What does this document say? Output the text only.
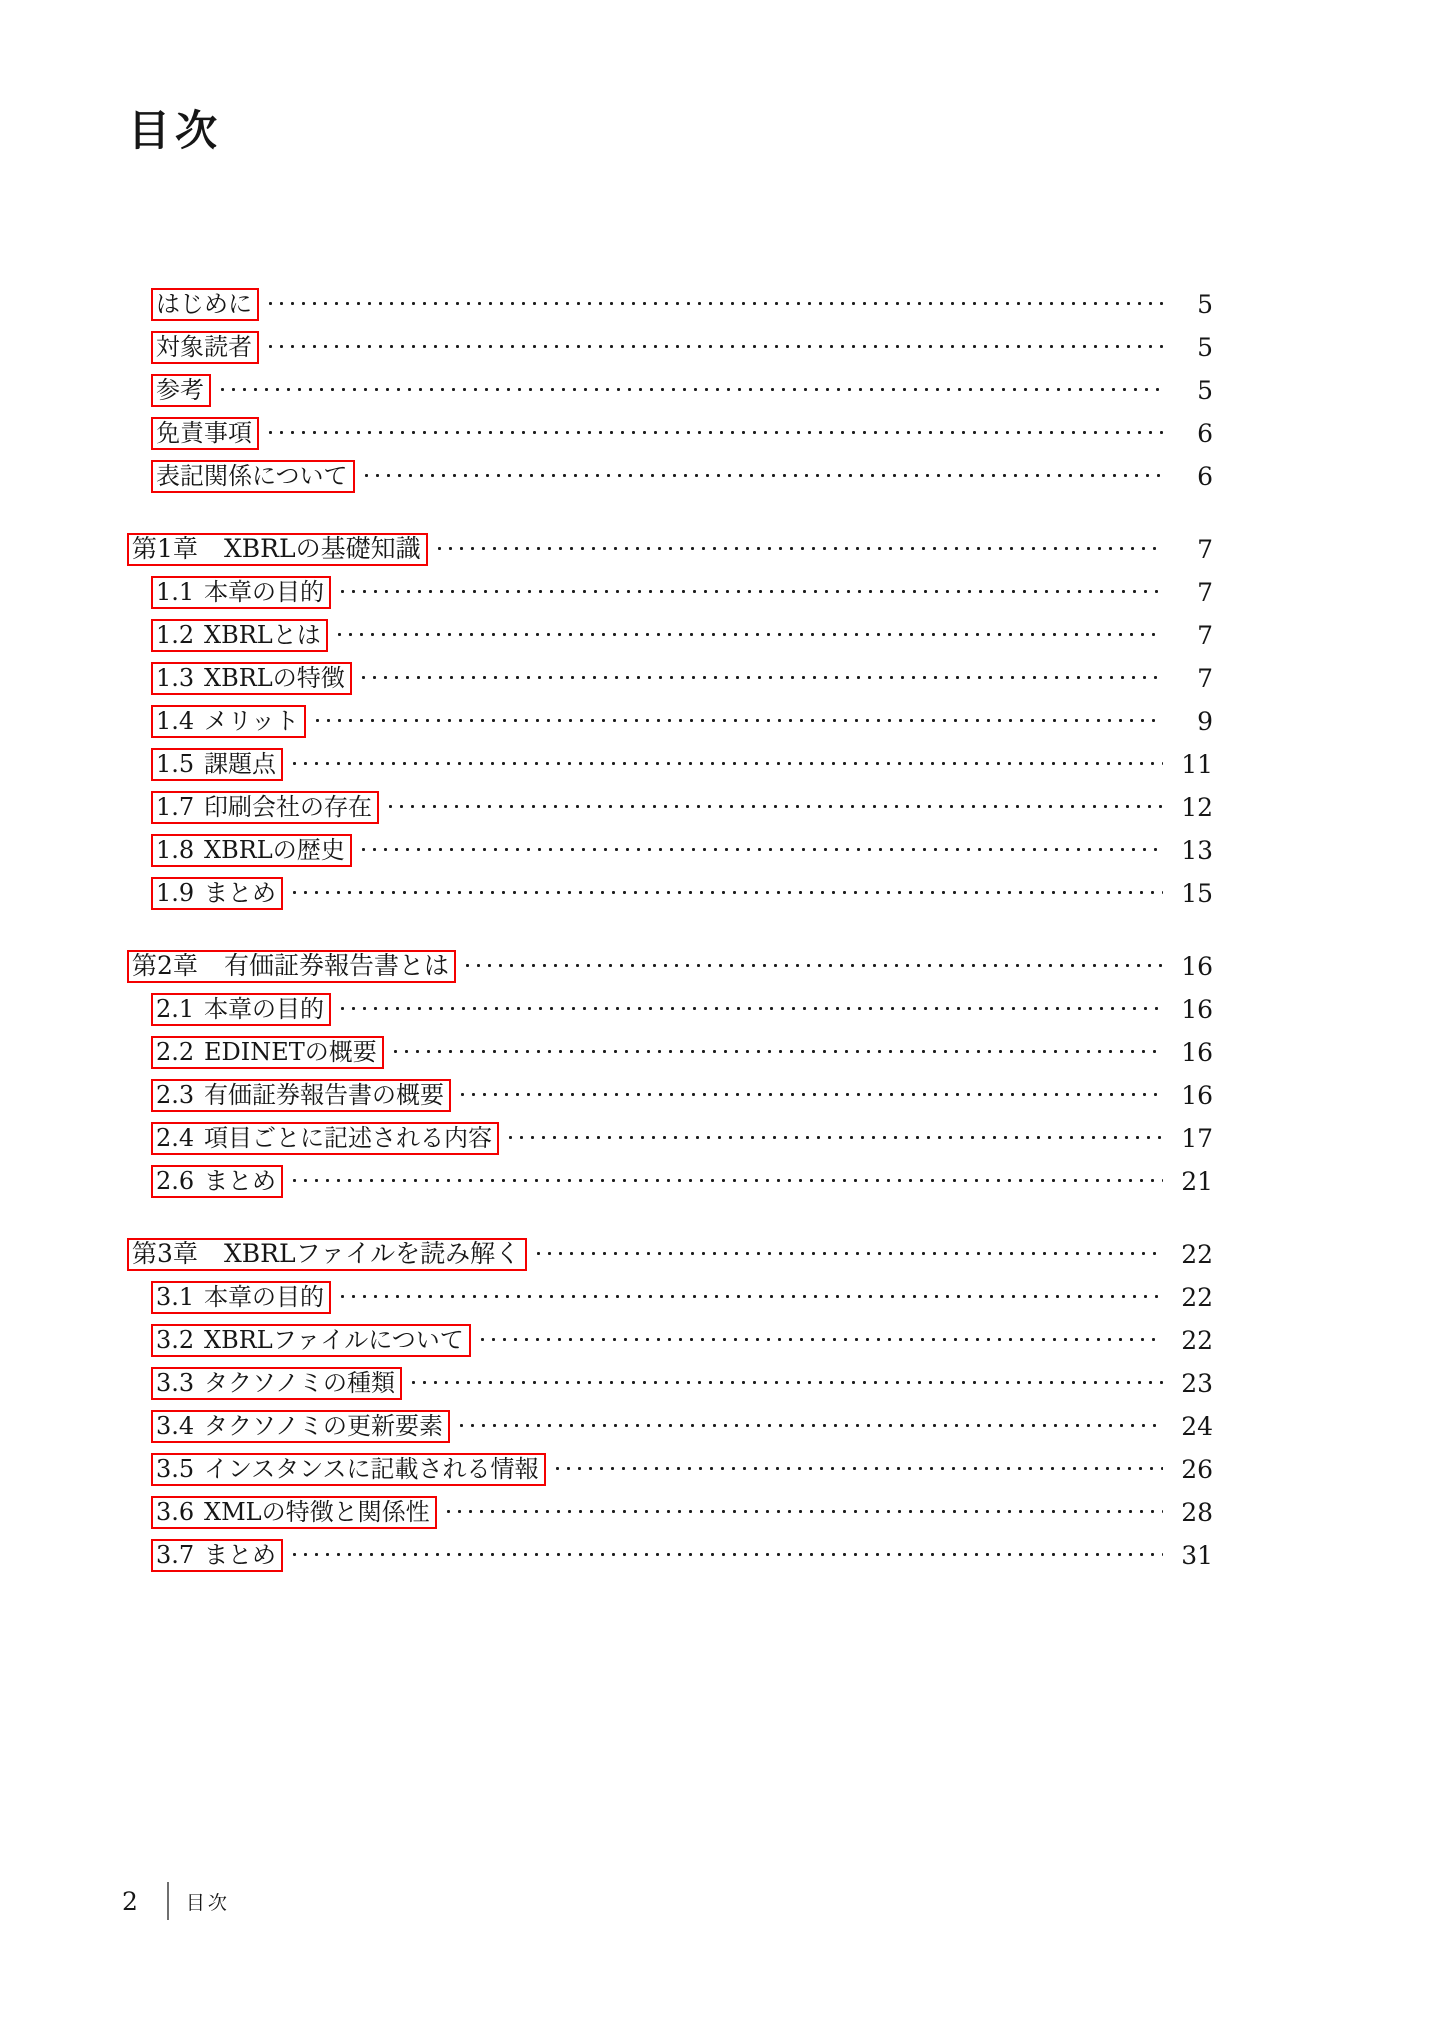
目次
はじめに	5
対象読者	5
参考	5
免責事項	6
表記関係について	6
第1章	XBRLの基礎知識	7
1.1 本章の目的	7
1.2 XBRLとは	7
1.3 XBRLの特徴	7
1.4 メリット	9
1.5 課題点	11
1.7 印刷会社の存在	12
1.8 XBRLの歴史	13
1.9 まとめ	15
第2章	有価証券報告書とは	16
2.1 本章の目的	16
2.2 EDINETの概要	16
2.3 有価証券報告書の概要	16
2.4 項目ごとに記述される内容	17
2.6 まとめ	21
第3章	XBRLファイルを読み解く	22
3.1 本章の目的	22
3.2 XBRLファイルについて	22
3.3 タクソノミの種類	23
3.4 タクソノミの更新要素	24
3.5 インスタンスに記載される情報	26
3.6 XMLの特徴と関係性	28
3.7 まとめ	31
2	目次
